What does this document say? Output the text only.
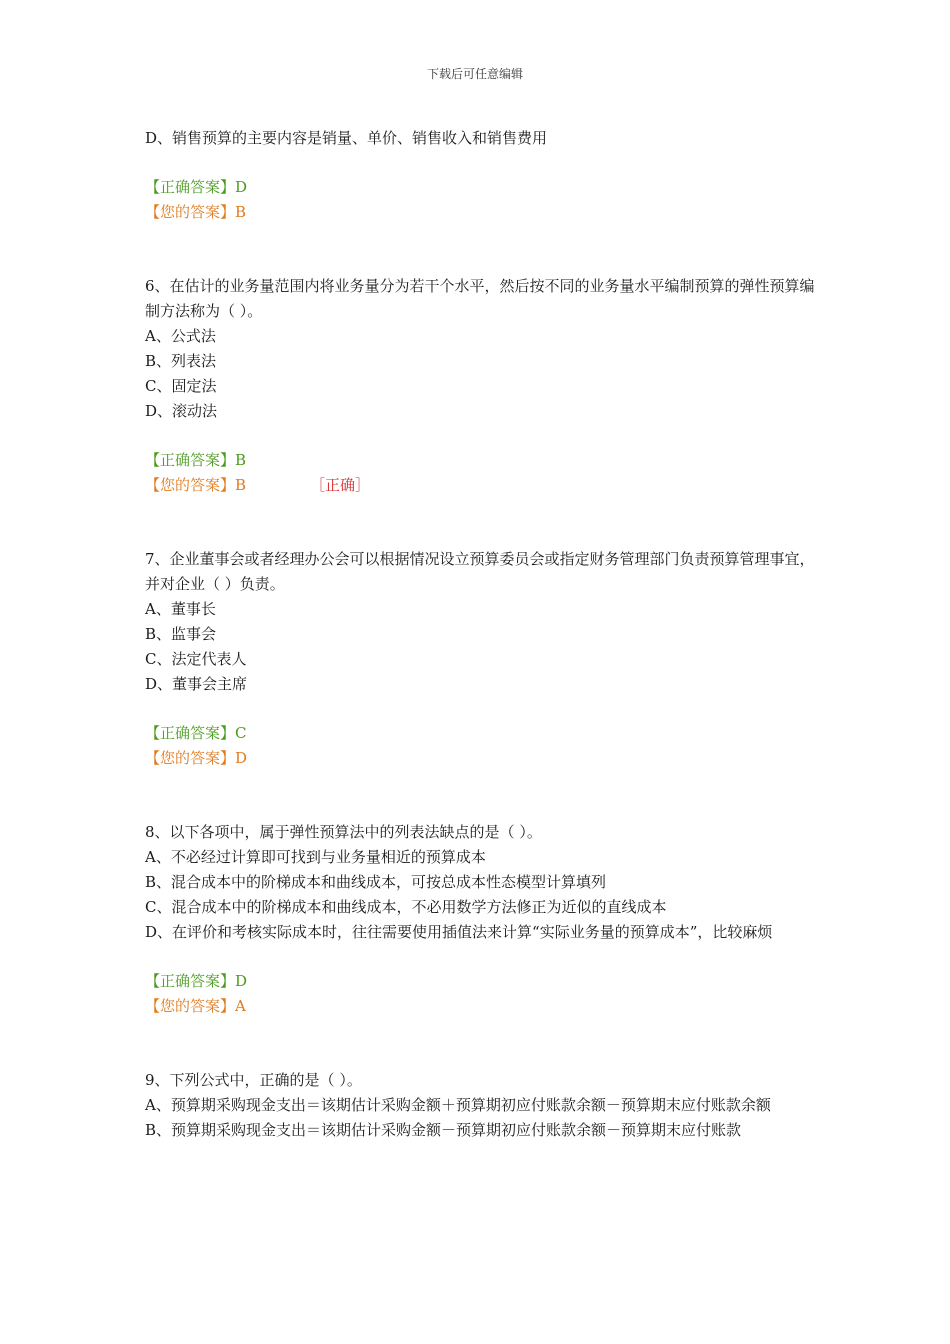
下载后可任意编辑

D、销售预算的主要内容是销量、单价、销售收入和销售费用

【正确答案】D

【您的答案】B

6、在估计的业务量范围内将业务量分为若干个水平，然后按不同的业务量水平编制预算的弹性预算编制方法称为（ ）。

A、公式法

B、列表法

C、固定法

D、滚动法

【正确答案】B

【您的答案】B	［正确］

7、企业董事会或者经理办公会可以根据情况设立预算委员会或指定财务管理部门负责预算管理事宜，并对企业（ ）负责。

A、董事长

B、监事会

C、法定代表人

D、董事会主席

【正确答案】C

【您的答案】D

8、以下各项中，属于弹性预算法中的列表法缺点的是（ ）。

A、不必经过计算即可找到与业务量相近的预算成本

B、混合成本中的阶梯成本和曲线成本，可按总成本性态模型计算填列

C、混合成本中的阶梯成本和曲线成本，不必用数学方法修正为近似的直线成本

D、在评价和考核实际成本时，往往需要使用插值法来计算“实际业务量的预算成本”，比较麻烦

【正确答案】D

【您的答案】A

9、下列公式中，正确的是（ ）。

A、预算期采购现金支出＝该期估计采购金额＋预算期初应付账款余额－预算期末应付账款余额

B、预算期采购现金支出＝该期估计采购金额－预算期初应付账款余额－预算期末应付账款
